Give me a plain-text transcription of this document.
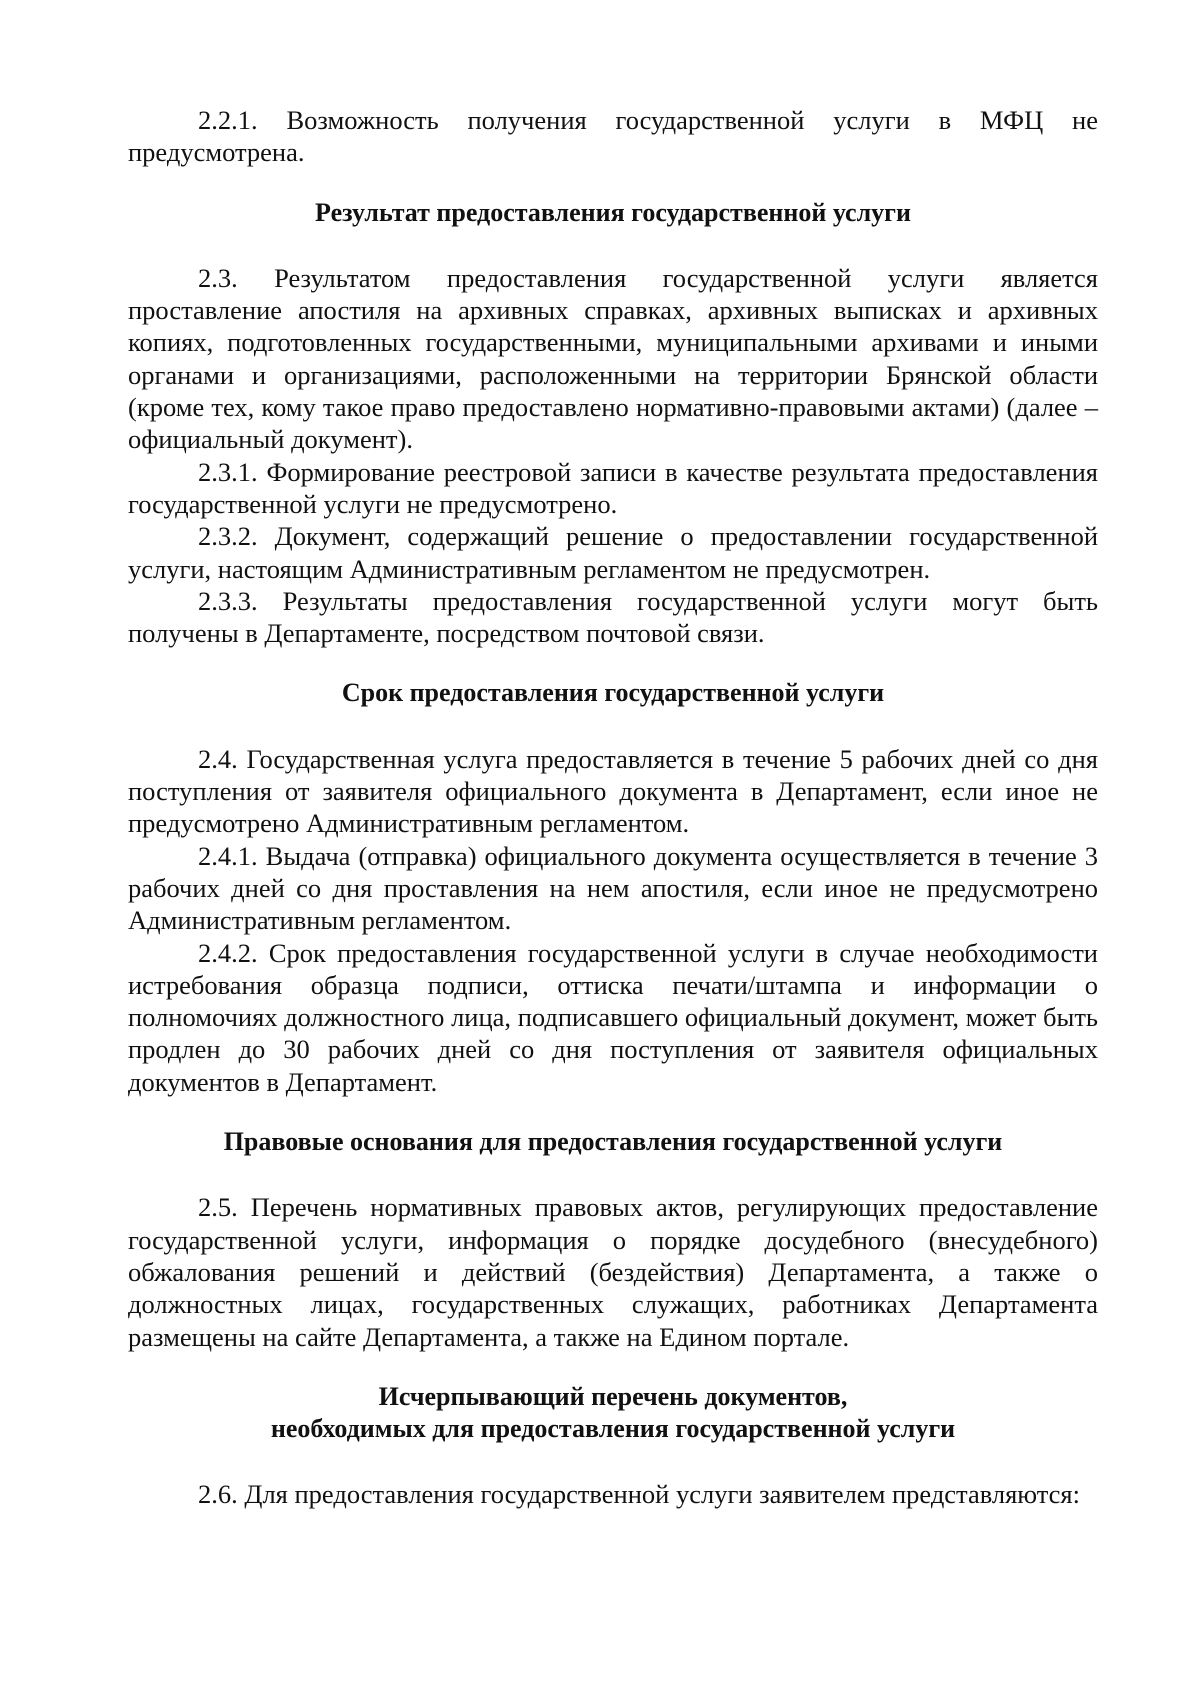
2.2.1. Возможность получения государственной услуги в МФЦ не предусмотрена.

Результат предоставления государственной услуги

2.3. Результатом предоставления государственной услуги является проставление апостиля на архивных справках, архивных выписках и архивных копиях, подготовленных государственными, муниципальными архивами и иными органами и организациями, расположенными на территории Брянской области (кроме тех, кому такое право предоставлено нормативно-правовыми актами) (далее – официальный документ).

2.3.1. Формирование реестровой записи в качестве результата предоставления государственной услуги не предусмотрено.

2.3.2. Документ, содержащий решение о предоставлении государственной услуги, настоящим Административным регламентом не предусмотрен.

2.3.3. Результаты предоставления государственной услуги могут быть получены в Департаменте, посредством почтовой связи.

Срок предоставления государственной услуги

2.4. Государственная услуга предоставляется в течение 5 рабочих дней со дня поступления от заявителя официального документа в Департамент, если иное не предусмотрено Административным регламентом.

2.4.1. Выдача (отправка) официального документа осуществляется в течение 3 рабочих дней со дня проставления на нем апостиля, если иное не предусмотрено Административным регламентом.

2.4.2. Срок предоставления государственной услуги в случае необходимости истребования образца подписи, оттиска печати/штампа и информации о полномочиях должностного лица, подписавшего официальный документ, может быть продлен до 30 рабочих дней со дня поступления от заявителя официальных документов в Департамент.

Правовые основания для предоставления государственной услуги

2.5. Перечень нормативных правовых актов, регулирующих предоставление государственной услуги, информация о порядке досудебного (внесудебного) обжалования решений и действий (бездействия) Департамента, а также о должностных лицах, государственных служащих, работниках Департамента размещены на сайте Департамента, а также на Едином портале.

Исчерпывающий перечень документов,
необходимых для предоставления государственной услуги

2.6. Для предоставления государственной услуги заявителем представляются:
